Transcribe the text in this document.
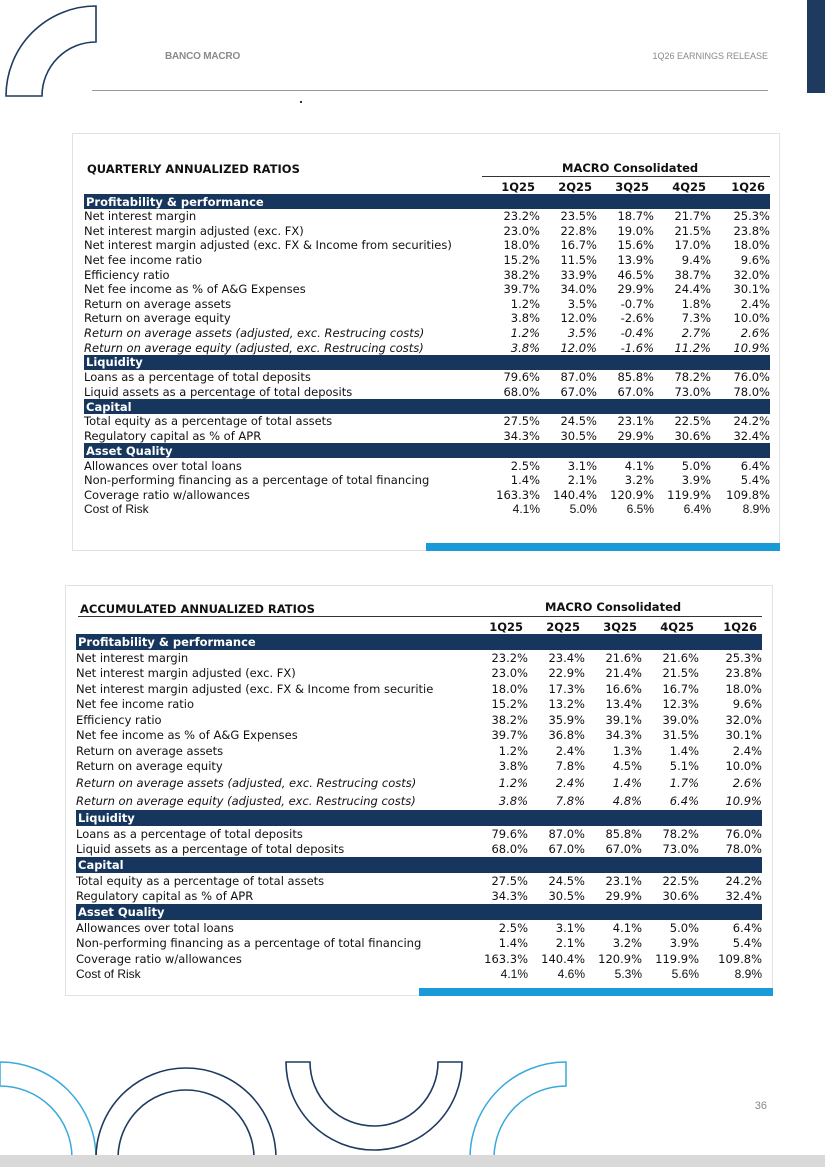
BANCO MACRO	1Q26 EARNINGS RELEASE
QUARTERLY ANNUALIZED RATIOS	MACRO Consolidated
1Q25	2Q25	3Q25	4Q25	1Q26
Profitability & performance
Net interest margin	23.2%	23.5%	18.7%	21.7%	25.3%
Net interest margin adjusted (exc. FX)	23.0%	22.8%	19.0%	21.5%	23.8%
Net interest margin adjusted (exc. FX & Income from securities)	18.0%	16.7%	15.6%	17.0%	18.0%
Net fee income ratio	15.2%	11.5%	13.9%	9.4%	9.6%
Efficiency ratio	38.2%	33.9%	46.5%	38.7%	32.0%
Net fee income as % of A&G Expenses	39.7%	34.0%	29.9%	24.4%	30.1%
Return on average assets	1.2%	3.5%	-0.7%	1.8%	2.4%
Return on average equity	3.8%	12.0%	-2.6%	7.3%	10.0%
Return on average assets (adjusted, exc. Restrucing costs)	1.2%	3.5%	-0.4%	2.7%	2.6%
Return on average equity (adjusted, exc. Restrucing costs)	3.8%	12.0%	-1.6%	11.2%	10.9%
Liquidity
Loans as a percentage of total deposits	79.6%	87.0%	85.8%	78.2%	76.0%
Liquid assets as a percentage of total deposits	68.0%	67.0%	67.0%	73.0%	78.0%
Capital
Total equity as a percentage of total assets	27.5%	24.5%	23.1%	22.5%	24.2%
Regulatory capital as % of APR	34.3%	30.5%	29.9%	30.6%	32.4%
Asset Quality
Allowances over total loans	2.5%	3.1%	4.1%	5.0%	6.4%
Non-performing financing as a percentage of total financing	1.4%	2.1%	3.2%	3.9%	5.4%
Coverage ratio w/allowances	163.3%	140.4%	120.9%	119.9%	109.8%
Cost of Risk	4.1%	5.0%	6.5%	6.4%	8.9%
ACCUMULATED ANNUALIZED RATIOS	MACRO Consolidated
1Q25	2Q25	3Q25	4Q25	1Q26
Profitability & performance
Net interest margin	23.2%	23.4%	21.6%	21.6%	25.3%
Net interest margin adjusted (exc. FX)	23.0%	22.9%	21.4%	21.5%	23.8%
Net interest margin adjusted (exc. FX & Income from securitie	18.0%	17.3%	16.6%	16.7%	18.0%
Net fee income ratio	15.2%	13.2%	13.4%	12.3%	9.6%
Efficiency ratio	38.2%	35.9%	39.1%	39.0%	32.0%
Net fee income as % of A&G Expenses	39.7%	36.8%	34.3%	31.5%	30.1%
Return on average assets	1.2%	2.4%	1.3%	1.4%	2.4%
Return on average equity	3.8%	7.8%	4.5%	5.1%	10.0%
Return on average assets (adjusted, exc. Restrucing costs)	1.2%	2.4%	1.4%	1.7%	2.6%
Return on average equity (adjusted, exc. Restrucing costs)	3.8%	7.8%	4.8%	6.4%	10.9%
Liquidity
Loans as a percentage of total deposits	79.6%	87.0%	85.8%	78.2%	76.0%
Liquid assets as a percentage of total deposits	68.0%	67.0%	67.0%	73.0%	78.0%
Capital
Total equity as a percentage of total assets	27.5%	24.5%	23.1%	22.5%	24.2%
Regulatory capital as % of APR	34.3%	30.5%	29.9%	30.6%	32.4%
Asset Quality
Allowances over total loans	2.5%	3.1%	4.1%	5.0%	6.4%
Non-performing financing as a percentage of total financing	1.4%	2.1%	3.2%	3.9%	5.4%
Coverage ratio w/allowances	163.3%	140.4%	120.9%	119.9%	109.8%
Cost of Risk	4.1%	4.6%	5.3%	5.6%	8.9%
36
